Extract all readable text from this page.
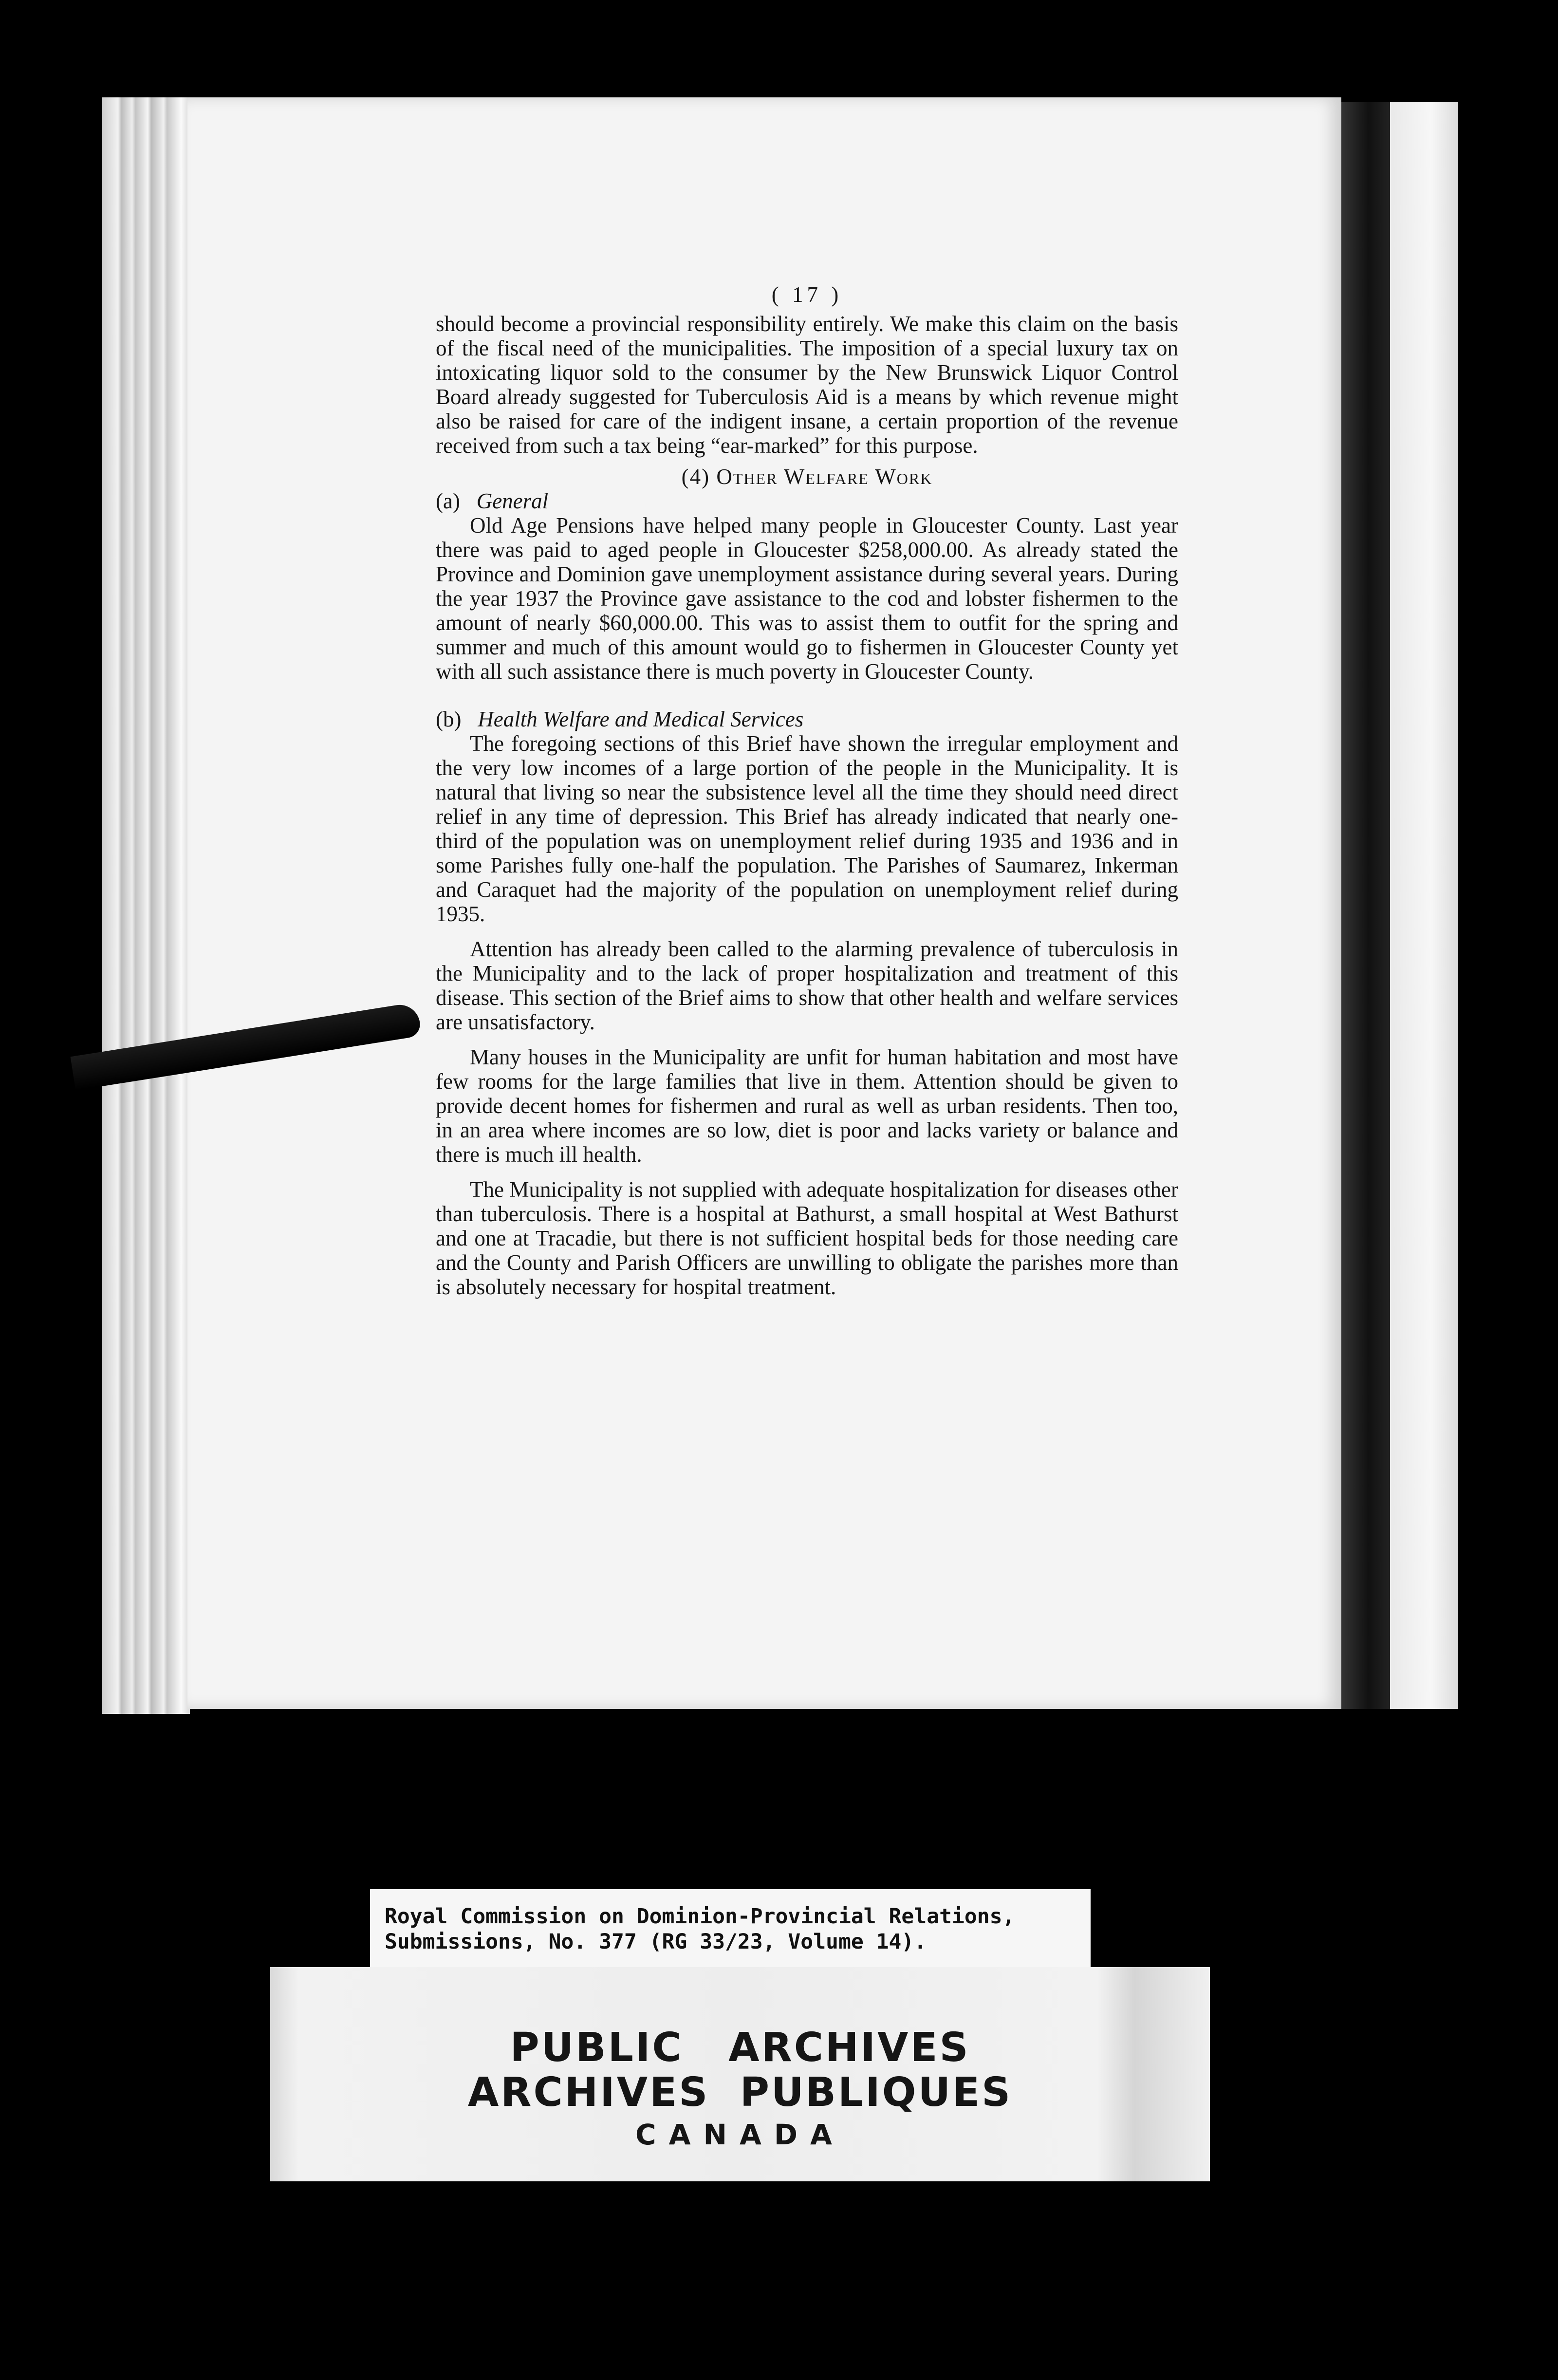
( 17 )

should become a provincial responsibility entirely. We make this claim on the basis of the fiscal need of the municipalities. The imposition of a special luxury tax on intoxicating liquor sold to the consumer by the New Brunswick Liquor Control Board already suggested for Tuberculosis Aid is a means by which revenue might also be raised for care of the indigent insane, a certain proportion of the revenue received from such a tax being “ear-marked” for this purpose.

(4) Other Welfare Work
(a) General

Old Age Pensions have helped many people in Gloucester County. Last year there was paid to aged people in Gloucester $258,000.00. As already stated the Province and Dominion gave unemployment assistance during several years. During the year 1937 the Province gave assistance to the cod and lobster fishermen to the amount of nearly $60,000.00. This was to assist them to outfit for the spring and summer and much of this amount would go to fishermen in Gloucester County yet with all such assistance there is much poverty in Gloucester County.

(b) Health Welfare and Medical Services

The foregoing sections of this Brief have shown the irregular employment and the very low incomes of a large portion of the people in the Municipality. It is natural that living so near the subsistence level all the time they should need direct relief in any time of depression. This Brief has already indicated that nearly one-third of the population was on unemployment relief during 1935 and 1936 and in some Parishes fully one-half the population. The Parishes of Saumarez, Inkerman and Caraquet had the majority of the population on unemployment relief during 1935.

Attention has already been called to the alarming prevalence of tuberculosis in the Municipality and to the lack of proper hospitalization and treatment of this disease. This section of the Brief aims to show that other health and welfare services are unsatisfactory.

Many houses in the Municipality are unfit for human habitation and most have few rooms for the large families that live in them. Attention should be given to provide decent homes for fishermen and rural as well as urban residents. Then too, in an area where incomes are so low, diet is poor and lacks variety or balance and there is much ill health.

The Municipality is not supplied with adequate hospitalization for diseases other than tuberculosis. There is a hospital at Bathurst, a small hospital at West Bathurst and one at Tracadie, but there is not sufficient hospital beds for those needing care and the County and Parish Officers are unwilling to obligate the parishes more than is absolutely necessary for hospital treatment.

Royal Commission on Dominion-Provincial Relations,
Submissions, No. 377 (RG 33/23, Volume 14).
PUBLIC ARCHIVES
ARCHIVES PUBLIQUES
CANADA
